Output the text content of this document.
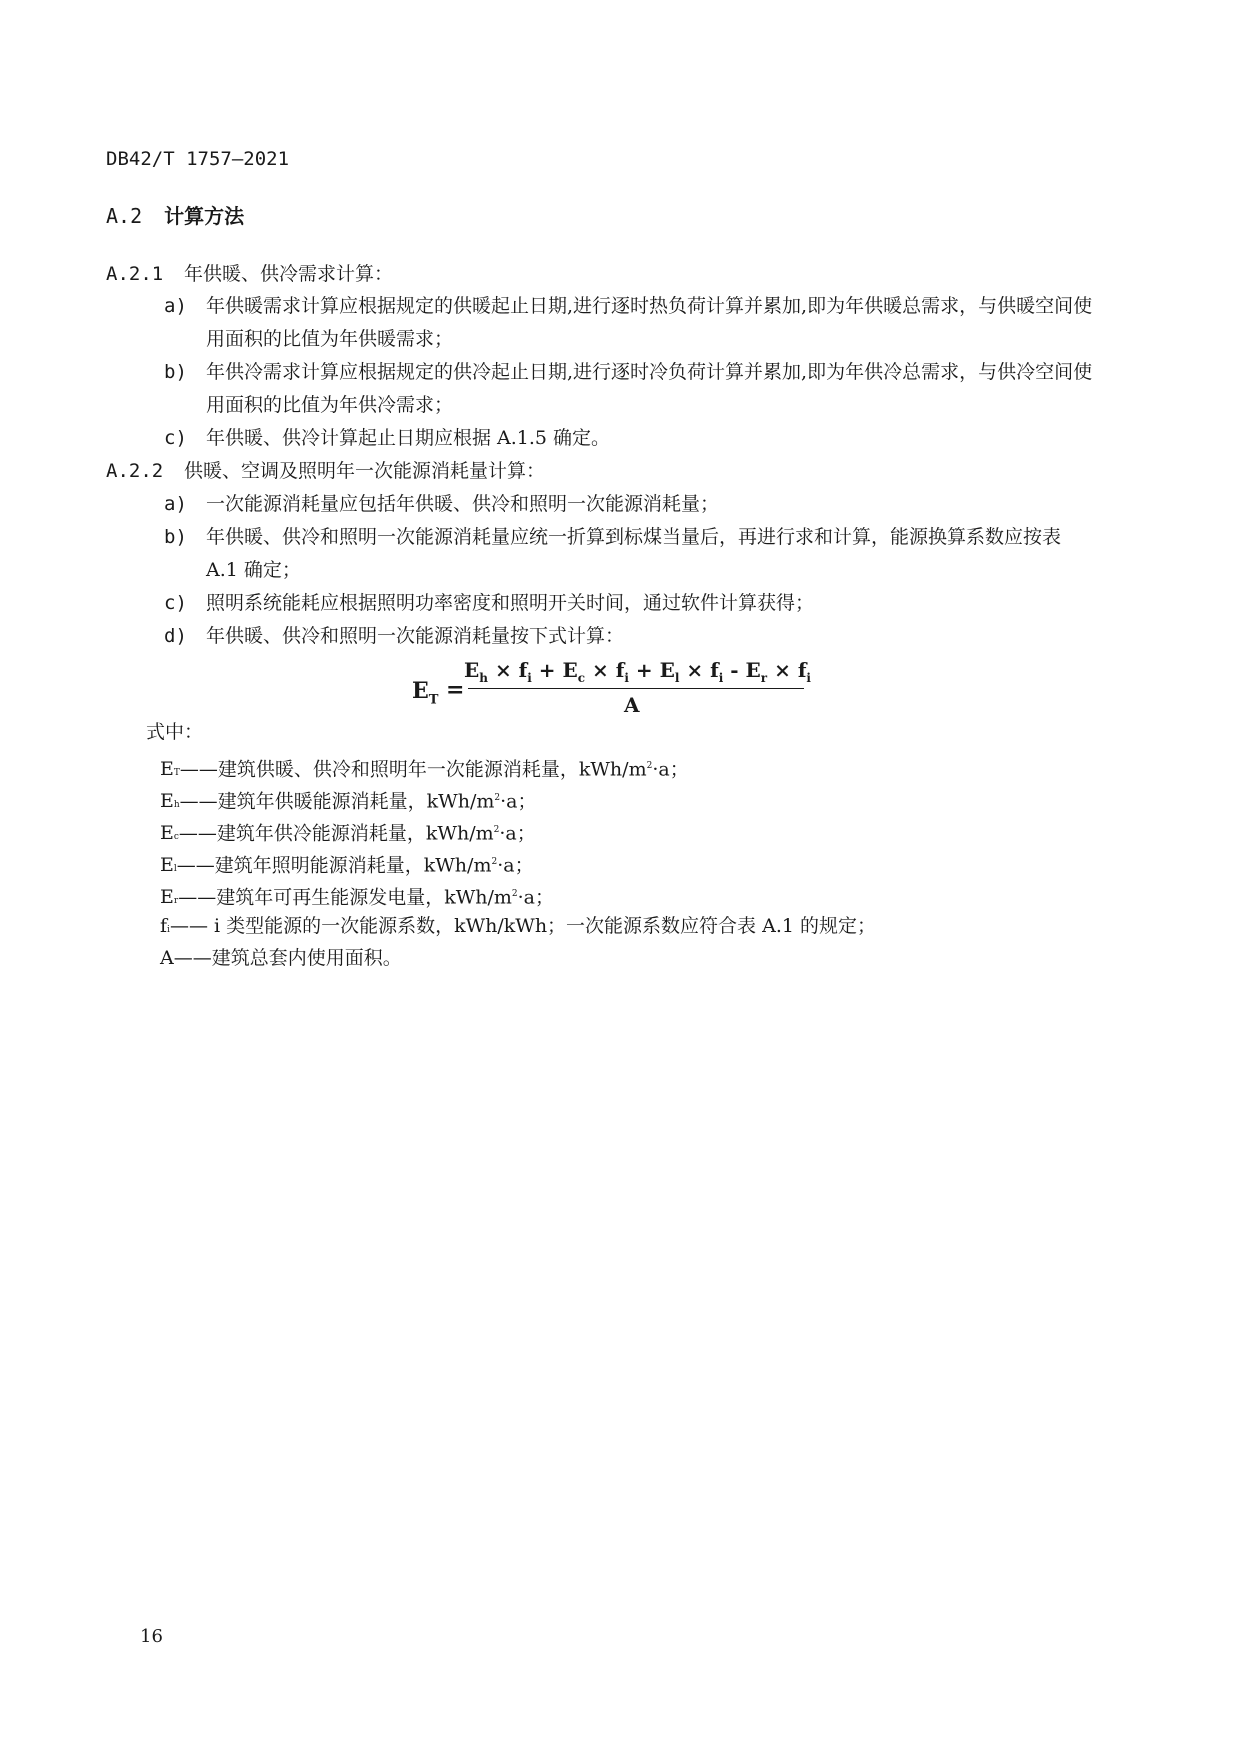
DB42/T 1757—2021
A.2 计算方法
A.2.1 年供暖、供冷需求计算：
a)	年供暖需求计算应根据规定的供暖起止日期,进行逐时热负荷计算并累加,即为年供暖总需求，与供暖空间使用面积的比值为年供暖需求；
b)	年供冷需求计算应根据规定的供冷起止日期,进行逐时冷负荷计算并累加,即为年供冷总需求，与供冷空间使用面积的比值为年供冷需求；
c)	年供暖、供冷计算起止日期应根据 A.1.5 确定。
A.2.2 供暖、空调及照明年一次能源消耗量计算：
a)	一次能源消耗量应包括年供暖、供冷和照明一次能源消耗量；
b)	年供暖、供冷和照明一次能源消耗量应统一折算到标煤当量后，再进行求和计算，能源换算系数应按表 A.1 确定；
c)	照明系统能耗应根据照明功率密度和照明开关时间，通过软件计算获得；
d)	年供暖、供冷和照明一次能源消耗量按下式计算：
$E_T$ =
$E_h \times f_i + E_c \times f_i + E_l \times f_i - E_r \times f_i$
A
式中：
ET——建筑供暖、供冷和照明年一次能源消耗量，kWh/$m^2\cdot a$；
Eh——建筑年供暖能源消耗量，kWh/$m^2\cdot a$；
Ec——建筑年供冷能源消耗量，kWh/$m^2\cdot a$；
El——建筑年照明能源消耗量，kWh/$m^2\cdot a$；
Er——建筑年可再生能源发电量，kWh/$m^2\cdot a$；
fi—— i 类型能源的一次能源系数，kWh/kWh；一次能源系数应符合表 A.1 的规定；
A——建筑总套内使用面积。
16
